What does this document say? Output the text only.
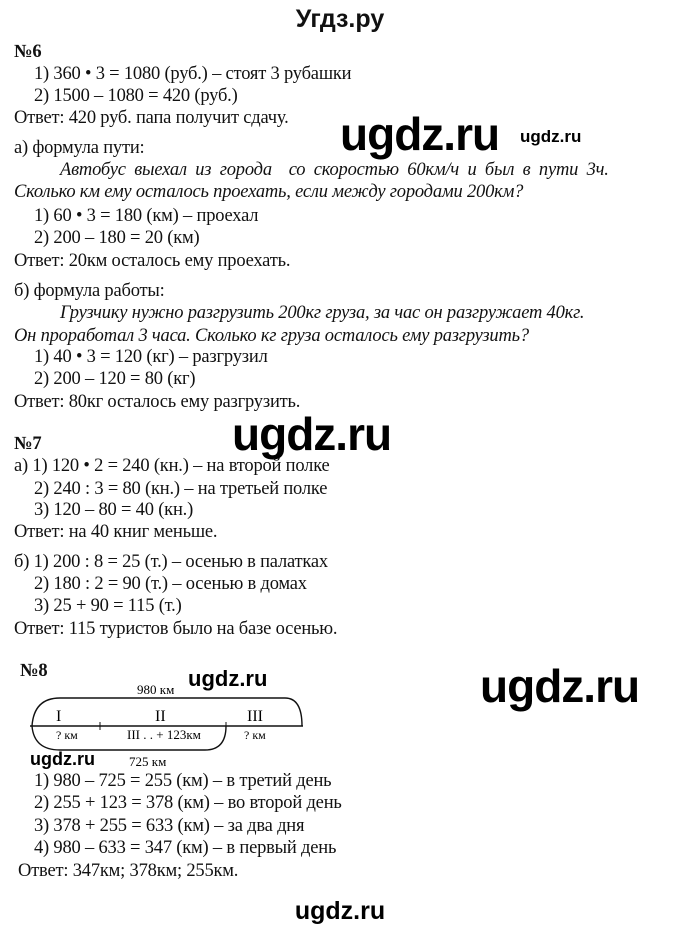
Угдз.ру
№6
1) 360 • 3 = 1080 (руб.) – стоят 3 рубашки
2) 1500 – 1080 = 420 (руб.)
Ответ: 420 руб. папа получит сдачу.
ugdz.ru
ugdz.ru
а) формула пути:
Автобус выехал из города  со скоростью 60км/ч и был в пути 3ч.
Сколько км ему осталось проехать, если между городами 200км?
1) 60 • 3 = 180 (км) – проехал
2) 200 – 180 = 20 (км)
Ответ: 20км осталось ему проехать.
б) формула работы:
Грузчику нужно разгрузить 200кг груза, за час он разгружает 40кг.
Он проработал 3 часа. Сколько кг груза осталось ему разгрузить?
1) 40 • 3 = 120 (кг) – разгрузил
2) 200 – 120 = 80 (кг)
Ответ: 80кг осталось ему разгрузить.
ugdz.ru
№7
а) 1) 120 • 2 = 240 (кн.) – на второй полке
2) 240 : 3 = 80 (кн.) – на третьей полке
3) 120 – 80 = 40 (кн.)
Ответ: на 40 книг меньше.
б) 1) 200 : 8 = 25 (т.) – осенью в палатках
2) 180 : 2 = 90 (т.) – осенью в домах
3) 25 + 90 = 115 (т.)
Ответ: 115 туристов было на базе осенью.
№8	ugdz.ru	ugdz.ru
980 км
I	II	III
? км	III . . + 123км	? км
725 км
ugdz.ru
1) 980 – 725 = 255 (км) – в третий день
2) 255 + 123 = 378 (км) – во второй день
3) 378 + 255 = 633 (км) – за два дня
4) 980 – 633 = 347 (км) – в первый день
Ответ: 347км; 378км; 255км.
ugdz.ru
